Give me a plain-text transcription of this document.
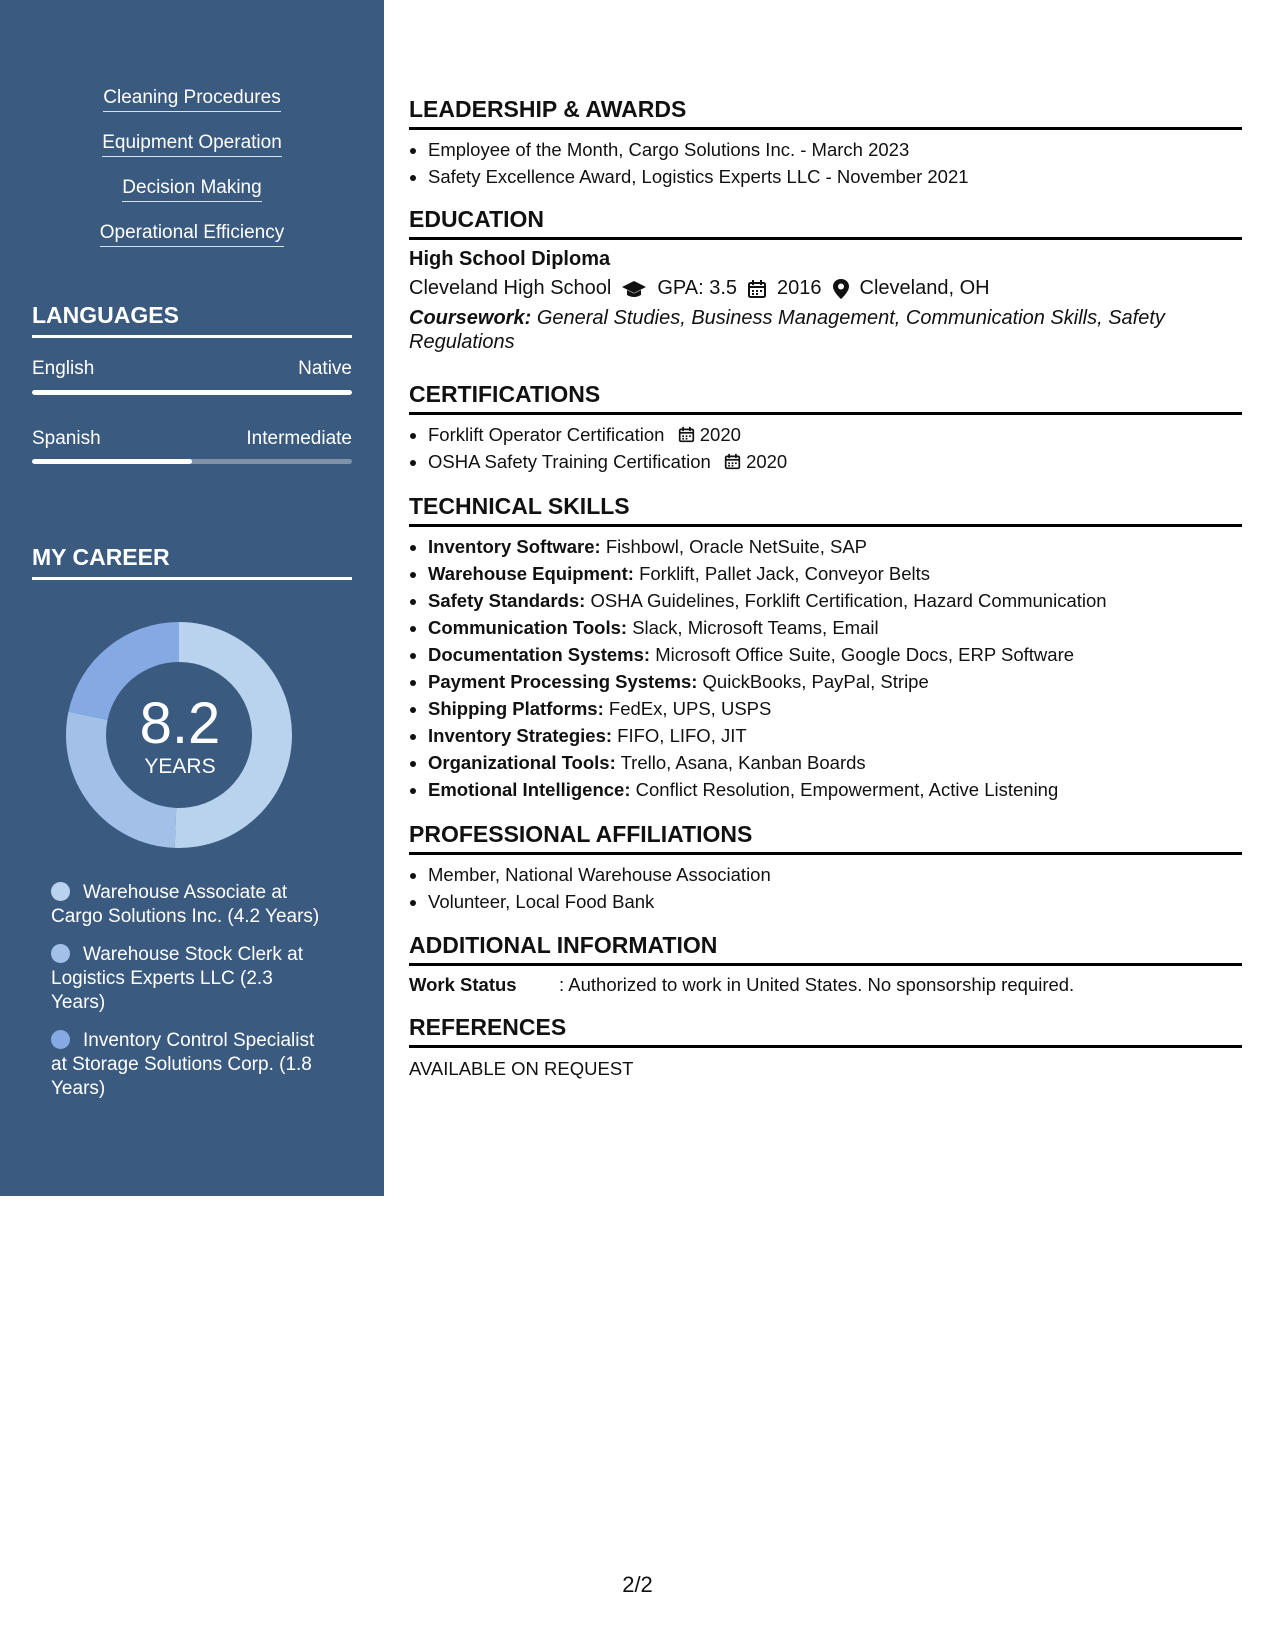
Cleaning Procedures
Equipment Operation
Decision Making
Operational Efficiency
LANGUAGES
English	Native
Spanish	Intermediate
MY CAREER
8.2
YEARS
Warehouse Associate at Cargo Solutions Inc. (4.2 Years)
Warehouse Stock Clerk at Logistics Experts LLC (2.3 Years)
Inventory Control Specialist at Storage Solutions Corp. (1.8 Years)
LEADERSHIP & AWARDS
• Employee of the Month, Cargo Solutions Inc. - March 2023
• Safety Excellence Award, Logistics Experts LLC - November 2021
EDUCATION
High School Diploma
Cleveland High School GPA: 3.5 2016 Cleveland, OH
Coursework: General Studies, Business Management, Communication Skills, Safety Regulations
CERTIFICATIONS
• Forklift Operator Certification 2020
• OSHA Safety Training Certification 2020
TECHNICAL SKILLS
• Inventory Software: Fishbowl, Oracle NetSuite, SAP
• Warehouse Equipment: Forklift, Pallet Jack, Conveyor Belts
• Safety Standards: OSHA Guidelines, Forklift Certification, Hazard Communication
• Communication Tools: Slack, Microsoft Teams, Email
• Documentation Systems: Microsoft Office Suite, Google Docs, ERP Software
• Payment Processing Systems: QuickBooks, PayPal, Stripe
• Shipping Platforms: FedEx, UPS, USPS
• Inventory Strategies: FIFO, LIFO, JIT
• Organizational Tools: Trello, Asana, Kanban Boards
• Emotional Intelligence: Conflict Resolution, Empowerment, Active Listening
PROFESSIONAL AFFILIATIONS
• Member, National Warehouse Association
• Volunteer, Local Food Bank
ADDITIONAL INFORMATION
Work Status	: Authorized to work in United States. No sponsorship required.
REFERENCES
AVAILABLE ON REQUEST
2/2
